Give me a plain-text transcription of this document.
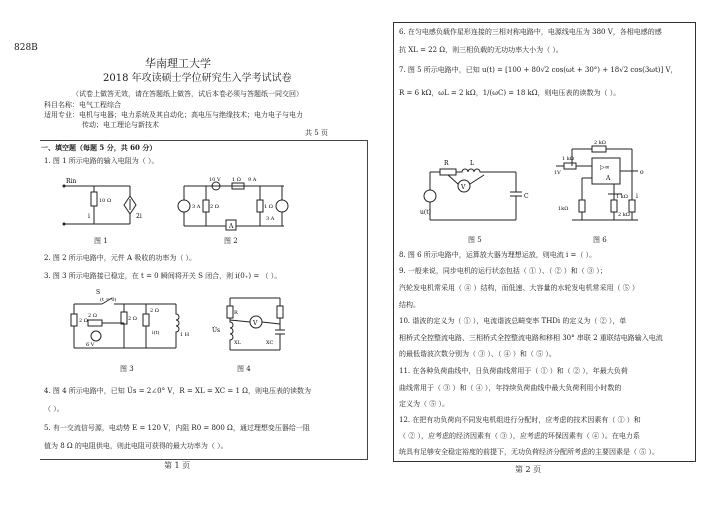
828B
华南理工大学
2018 年攻读硕士学位研究生入学考试试卷
（试卷上做答无效，请在答题纸上做答，试后本卷必须与答题纸一同交回）
科目名称：电气工程综合
适用专业：电机与电器；电力系统及其自动化；高电压与绝缘技术；电力电子与电力
传动；电工理论与新技术
共 5 页
一、填空题（每题 5 分，共 60 分）
1. 图 1 所示电路的输入电阻为（ ）。
Rin
10 Ω
i	2i
图 1
10 V 1 Ω 9 A
A
3 A 2 Ω	1 Ω
3 A
图 2
2. 图 2 所示电路中，元件 A 吸收的功率为（ ）。
3. 图 3 所示电路接已稳定，在 t = 0 瞬间将开关 S 闭合，则 i(0₊) = （ ）。
S
(t = 0)
2 Ω	2 Ω
2 Ω
2 Ω
6 V
i(t)	1 H
图 3
V
R
U̇s
XL	XC
图 4
4. 图 4 所示电路中，已知 U̇s = 2∠0° V，R = XL = XC = 1 Ω，则电压表的读数为
（ ）。
5. 有一交流信号源，电动势 E = 120 V，内阻 R0 = 800 Ω，通过理想变压器给一阻
值为 8 Ω 的电阻供电，则此电阻可获得的最大功率为（ ）。
第 1 页
6. 在匀电感负载作星形连接的三相对称电路中，电源线电压为 380 V，各相电感的感
抗 XL = 22 Ω，则三相负载的无功功率大小为（ ）。
7. 图 5 所示电路中，已知 u(t) = [100 + 80√2 cos(ωt + 30°) + 18√2 cos(3ωt)] V，
R = 6 kΩ，ωL = 2 kΩ，1/(ωC) = 18 kΩ，则电压表的读数为（ ）。
V
R	L
u(t)
C
图 5
▷∞
A
2 kΩ
1 kΩ
1V
1kΩ
2 kΩ
1 kΩ i
o
图 6
8. 图 6 所示电路中，运算放大器为理想运放，则电流 i =（ ）。
9. 一般来说，同步电机的运行状态包括（ ① ）、（ ② ）和（ ③ ）；
汽轮发电机常采用（ ④ ）结构，而低速、大容量的水轮发电机常采用（ ⑤ ）
结构。
10. 谐波的定义为（ ① ），电流谐波总畸变率 THDi 的定义为（ ② ），单
相桥式全控整流电路、三相桥式全控整流电路和移相 30° 串联 2 重联结电路输入电流
的最低谐波次数分别为（ ③ ）、（ ④ ）和（ ⑤ ）。
11. 在各种负荷曲线中，日负荷曲线常用于（ ① ）和（ ② ），年最大负荷
曲线常用于（ ③ ）和（ ④ ），年持续负荷曲线中最大负荷利用小时数的
定义为（ ⑤ ）。
12. 在把有功负荷向不同发电机组进行分配时，应考虑的技术因素有（ ① ）和
（ ② ），应考虑的经济因素有（ ③ ），应考虑的环保因素有（ ④ ）。在电力系
统具有足够安全稳定裕度的前提下，无功负荷经济分配所考虑的主要因素是（ ⑤ ）。
第 2 页
